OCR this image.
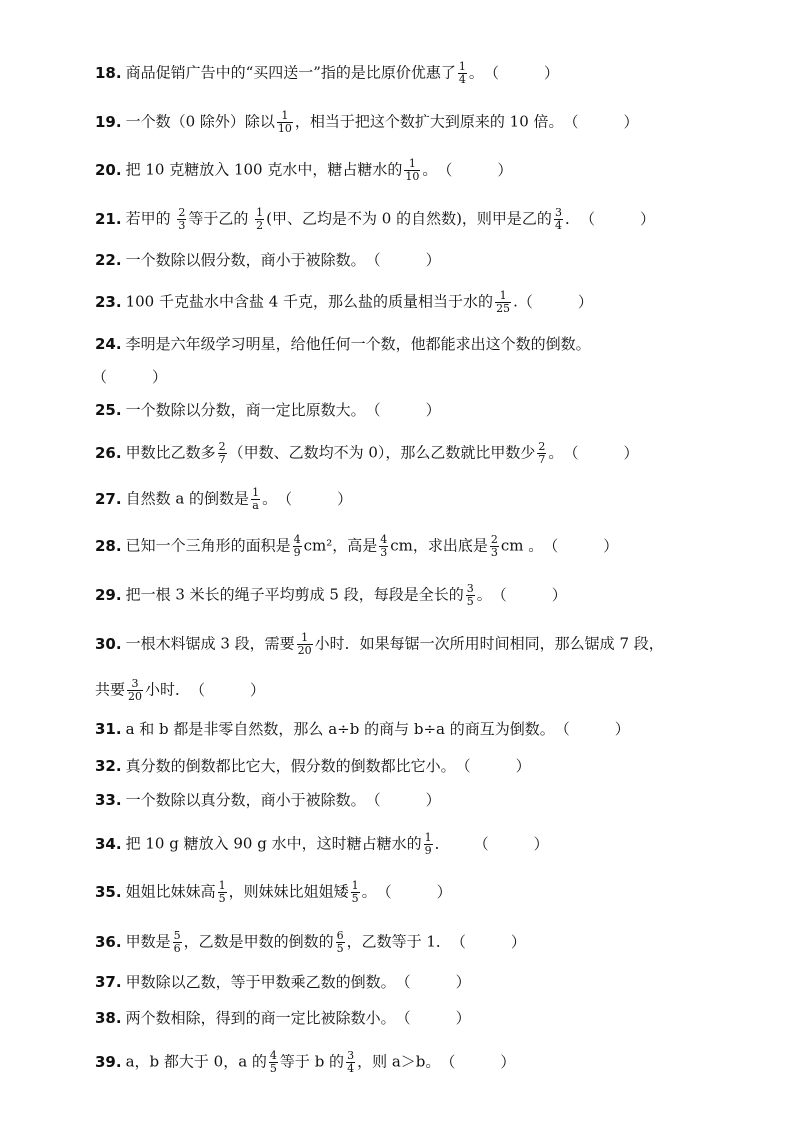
18. 商品促销广告中的“买四送一”指的是比原价优惠了 $\frac{1}{4}$ 。（　　　）
19. 一个数（0 除外）除以 $\frac{1}{10}$ ，相当于把这个数扩大到原来的 10 倍。（　　　）
20. 把 10 克糖放入 100 克水中，糖占糖水的 $\frac{1}{10}$ 。（　　　）
21. 若甲的 $\frac{2}{3}$ 等于乙的 $\frac{1}{2}$ (甲、乙均是不为 0 的自然数)，则甲是乙的 $\frac{3}{4}$ ．（　　　）
22. 一个数除以假分数，商小于被除数。（　　　）
23. 100 千克盐水中含盐 4 千克，那么盐的质量相当于水的 $\frac{1}{25}$ .（　　　）
24. 李明是六年级学习明星，给他任何一个数，他都能求出这个数的倒数。
（　　　）
25. 一个数除以分数，商一定比原数大。（　　　）
26. 甲数比乙数多 $\frac{2}{7}$ （甲数、乙数均不为 0），那么乙数就比甲数少 $\frac{2}{7}$ 。（　　　）
27. 自然数 a 的倒数是 $\frac{1}{a}$ 。（　　　）
28. 已知一个三角形的面积是 $\frac{4}{9} cm^2$，高是 $\frac{4}{3}$ cm，求出底是 $\frac{2}{3}$ cm 。（　　　）
29. 把一根 3 米长的绳子平均剪成 5 段，每段是全长的 $\frac{3}{5}$ 。（　　　）
30. 一根木料锯成 3 段，需要 $\frac{1}{20}$ 小时．如果每锯一次所用时间相同，那么锯成 7 段，
共要 $\frac{3}{20}$ 小时．（　　　）
31. a 和 b 都是非零自然数，那么 a÷b 的商与 b÷a 的商互为倒数。（　　　）
32. 真分数的倒数都比它大，假分数的倒数都比它小。（　　　）
33. 一个数除以真分数，商小于被除数。（　　　）
34. 把 10 g 糖放入 90 g 水中，这时糖占糖水的 $\frac{1}{9}$ ． （　　　）
35. 姐姐比妹妹高 $\frac{1}{5}$ ，则妹妹比姐姐矮 $\frac{1}{5}$ 。（　　　）
36. 甲数是 $\frac{5}{6}$ ，乙数是甲数的倒数的 $\frac{6}{5}$ ，乙数等于 1．（　　　）
37. 甲数除以乙数，等于甲数乘乙数的倒数。（　　　）
38. 两个数相除，得到的商一定比被除数小。（　　　）
39. a，b 都大于 0，a 的 $\frac{4}{5}$ 等于 b 的 $\frac{3}{4}$ ，则 a＞b。（　　　）
